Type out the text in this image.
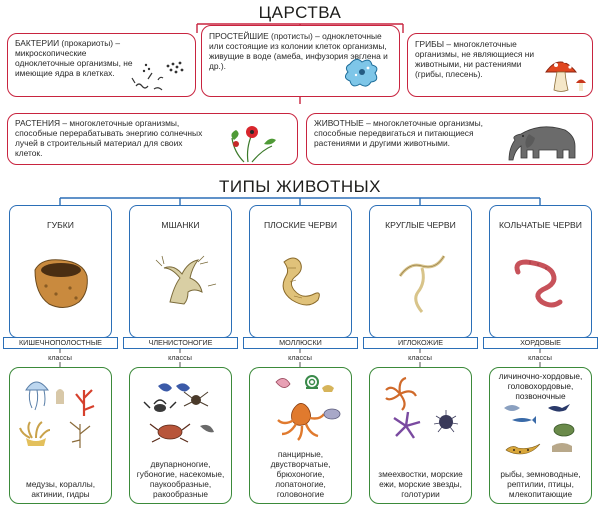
ЦАРСТВА
БАКТЕРИИ (прокариоты) – микроскопические одноклеточные организмы, не имеющие ядра в клетках.
ПРОСТЕЙШИЕ (протисты) – одноклеточные или состоящие из колонии клеток организмы, живущие в воде (амеба, инфузория эвглена и др.).
ГРИБЫ – многоклеточные организмы, не являющиеся ни животными, ни растениями (грибы, плесень).
РАСТЕНИЯ – многоклеточные организмы, способные перерабатывать энергию солнечных лучей в строительный материал для своих клеток.
ЖИВОТНЫЕ – многоклеточные организмы, способные передвигаться и питающиеся растениями и другими животными.
ТИПЫ ЖИВОТНЫХ
ГУБКИ
КИШЕЧНОПОЛОСТНЫЕ
классы
медузы, кораллы, актинии, гидры
МШАНКИ
ЧЛЕНИСТОНОГИЕ
классы
двупарноногие, губоногие, насекомые, паукообразные, ракообразные
ПЛОСКИЕ ЧЕРВИ
МОЛЛЮСКИ
классы
панцирные, двустворчатые, брюхоногие, лопатоногие, головоногие
КРУГЛЫЕ ЧЕРВИ
ИГЛОКОЖИЕ
классы
змеехвостки, морские ежи, морские звезды, голотурии
КОЛЬЧАТЫЕ ЧЕРВИ
ХОРДОВЫЕ
классы
личиночно-хордовые, головохордовые, позвоночные
рыбы, земноводные, рептилии, птицы, млекопитающие
